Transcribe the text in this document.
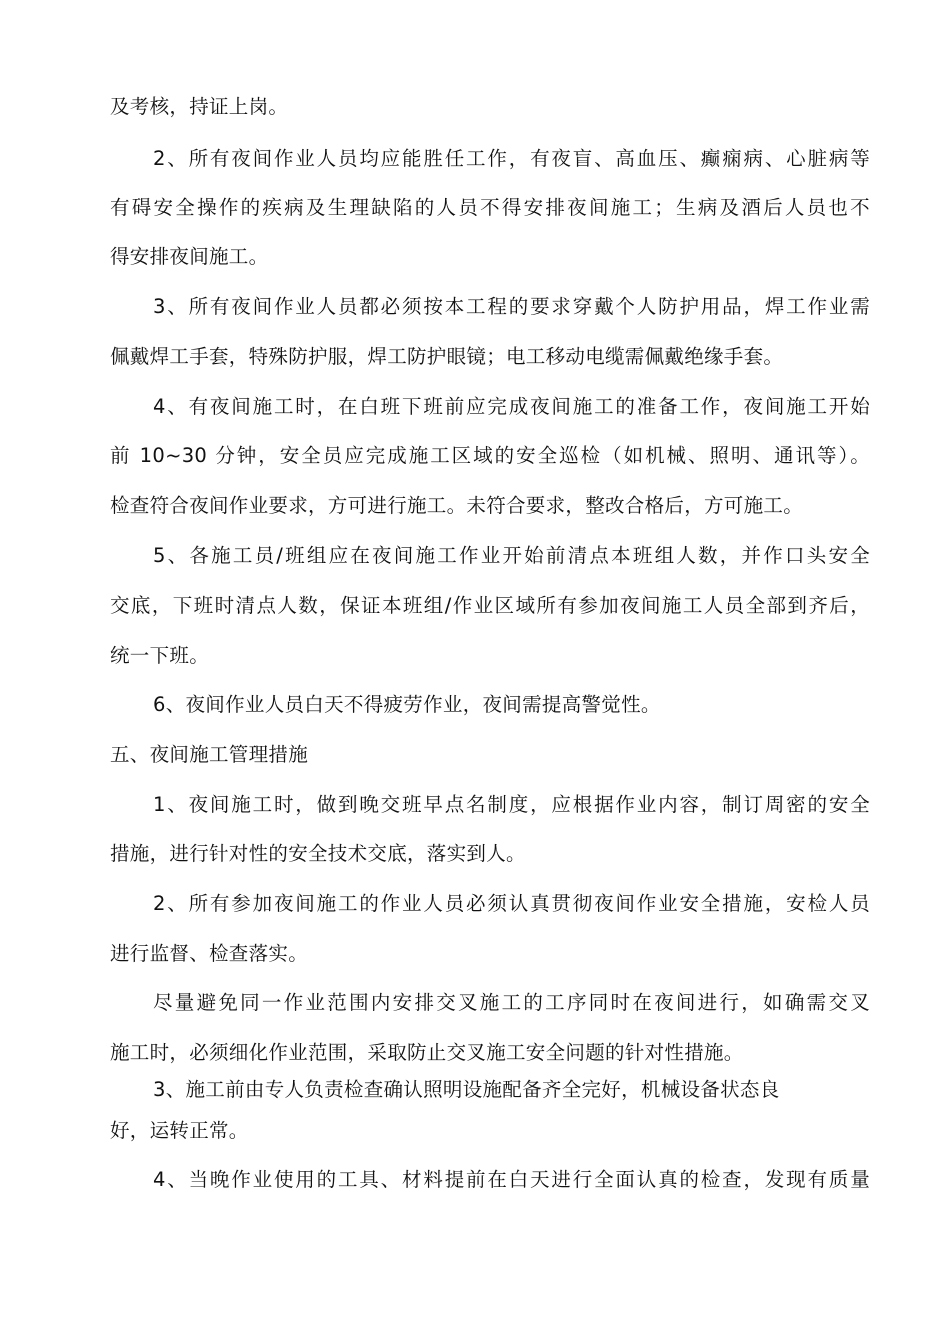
及考核，持证上岗。
2、所有夜间作业人员均应能胜任工作，有夜盲、高血压、癫痫病、心脏病等
有碍安全操作的疾病及生理缺陷的人员不得安排夜间施工；生病及酒后人员也不
得安排夜间施工。
3、所有夜间作业人员都必须按本工程的要求穿戴个人防护用品，焊工作业需
佩戴焊工手套，特殊防护服，焊工防护眼镜；电工移动电缆需佩戴绝缘手套。
4、有夜间施工时，在白班下班前应完成夜间施工的准备工作，夜间施工开始
前 10~30 分钟，安全员应完成施工区域的安全巡检（如机械、照明、通讯等）。
检查符合夜间作业要求，方可进行施工。未符合要求，整改合格后，方可施工。
5、各施工员/班组应在夜间施工作业开始前清点本班组人数，并作口头安全
交底，下班时清点人数，保证本班组/作业区域所有参加夜间施工人员全部到齐后，
统一下班。
6、夜间作业人员白天不得疲劳作业，夜间需提高警觉性。
五、夜间施工管理措施
1、夜间施工时，做到晚交班早点名制度，应根据作业内容，制订周密的安全
措施，进行针对性的安全技术交底，落实到人。
2、所有参加夜间施工的作业人员必须认真贯彻夜间作业安全措施，安检人员
进行监督、检查落实。
尽量避免同一作业范围内安排交叉施工的工序同时在夜间进行，如确需交叉
施工时，必须细化作业范围，采取防止交叉施工安全问题的针对性措施。
3、施工前由专人负责检查确认照明设施配备齐全完好，机械设备状态良
好，运转正常。
4、当晚作业使用的工具、材料提前在白天进行全面认真的检查，发现有质量
